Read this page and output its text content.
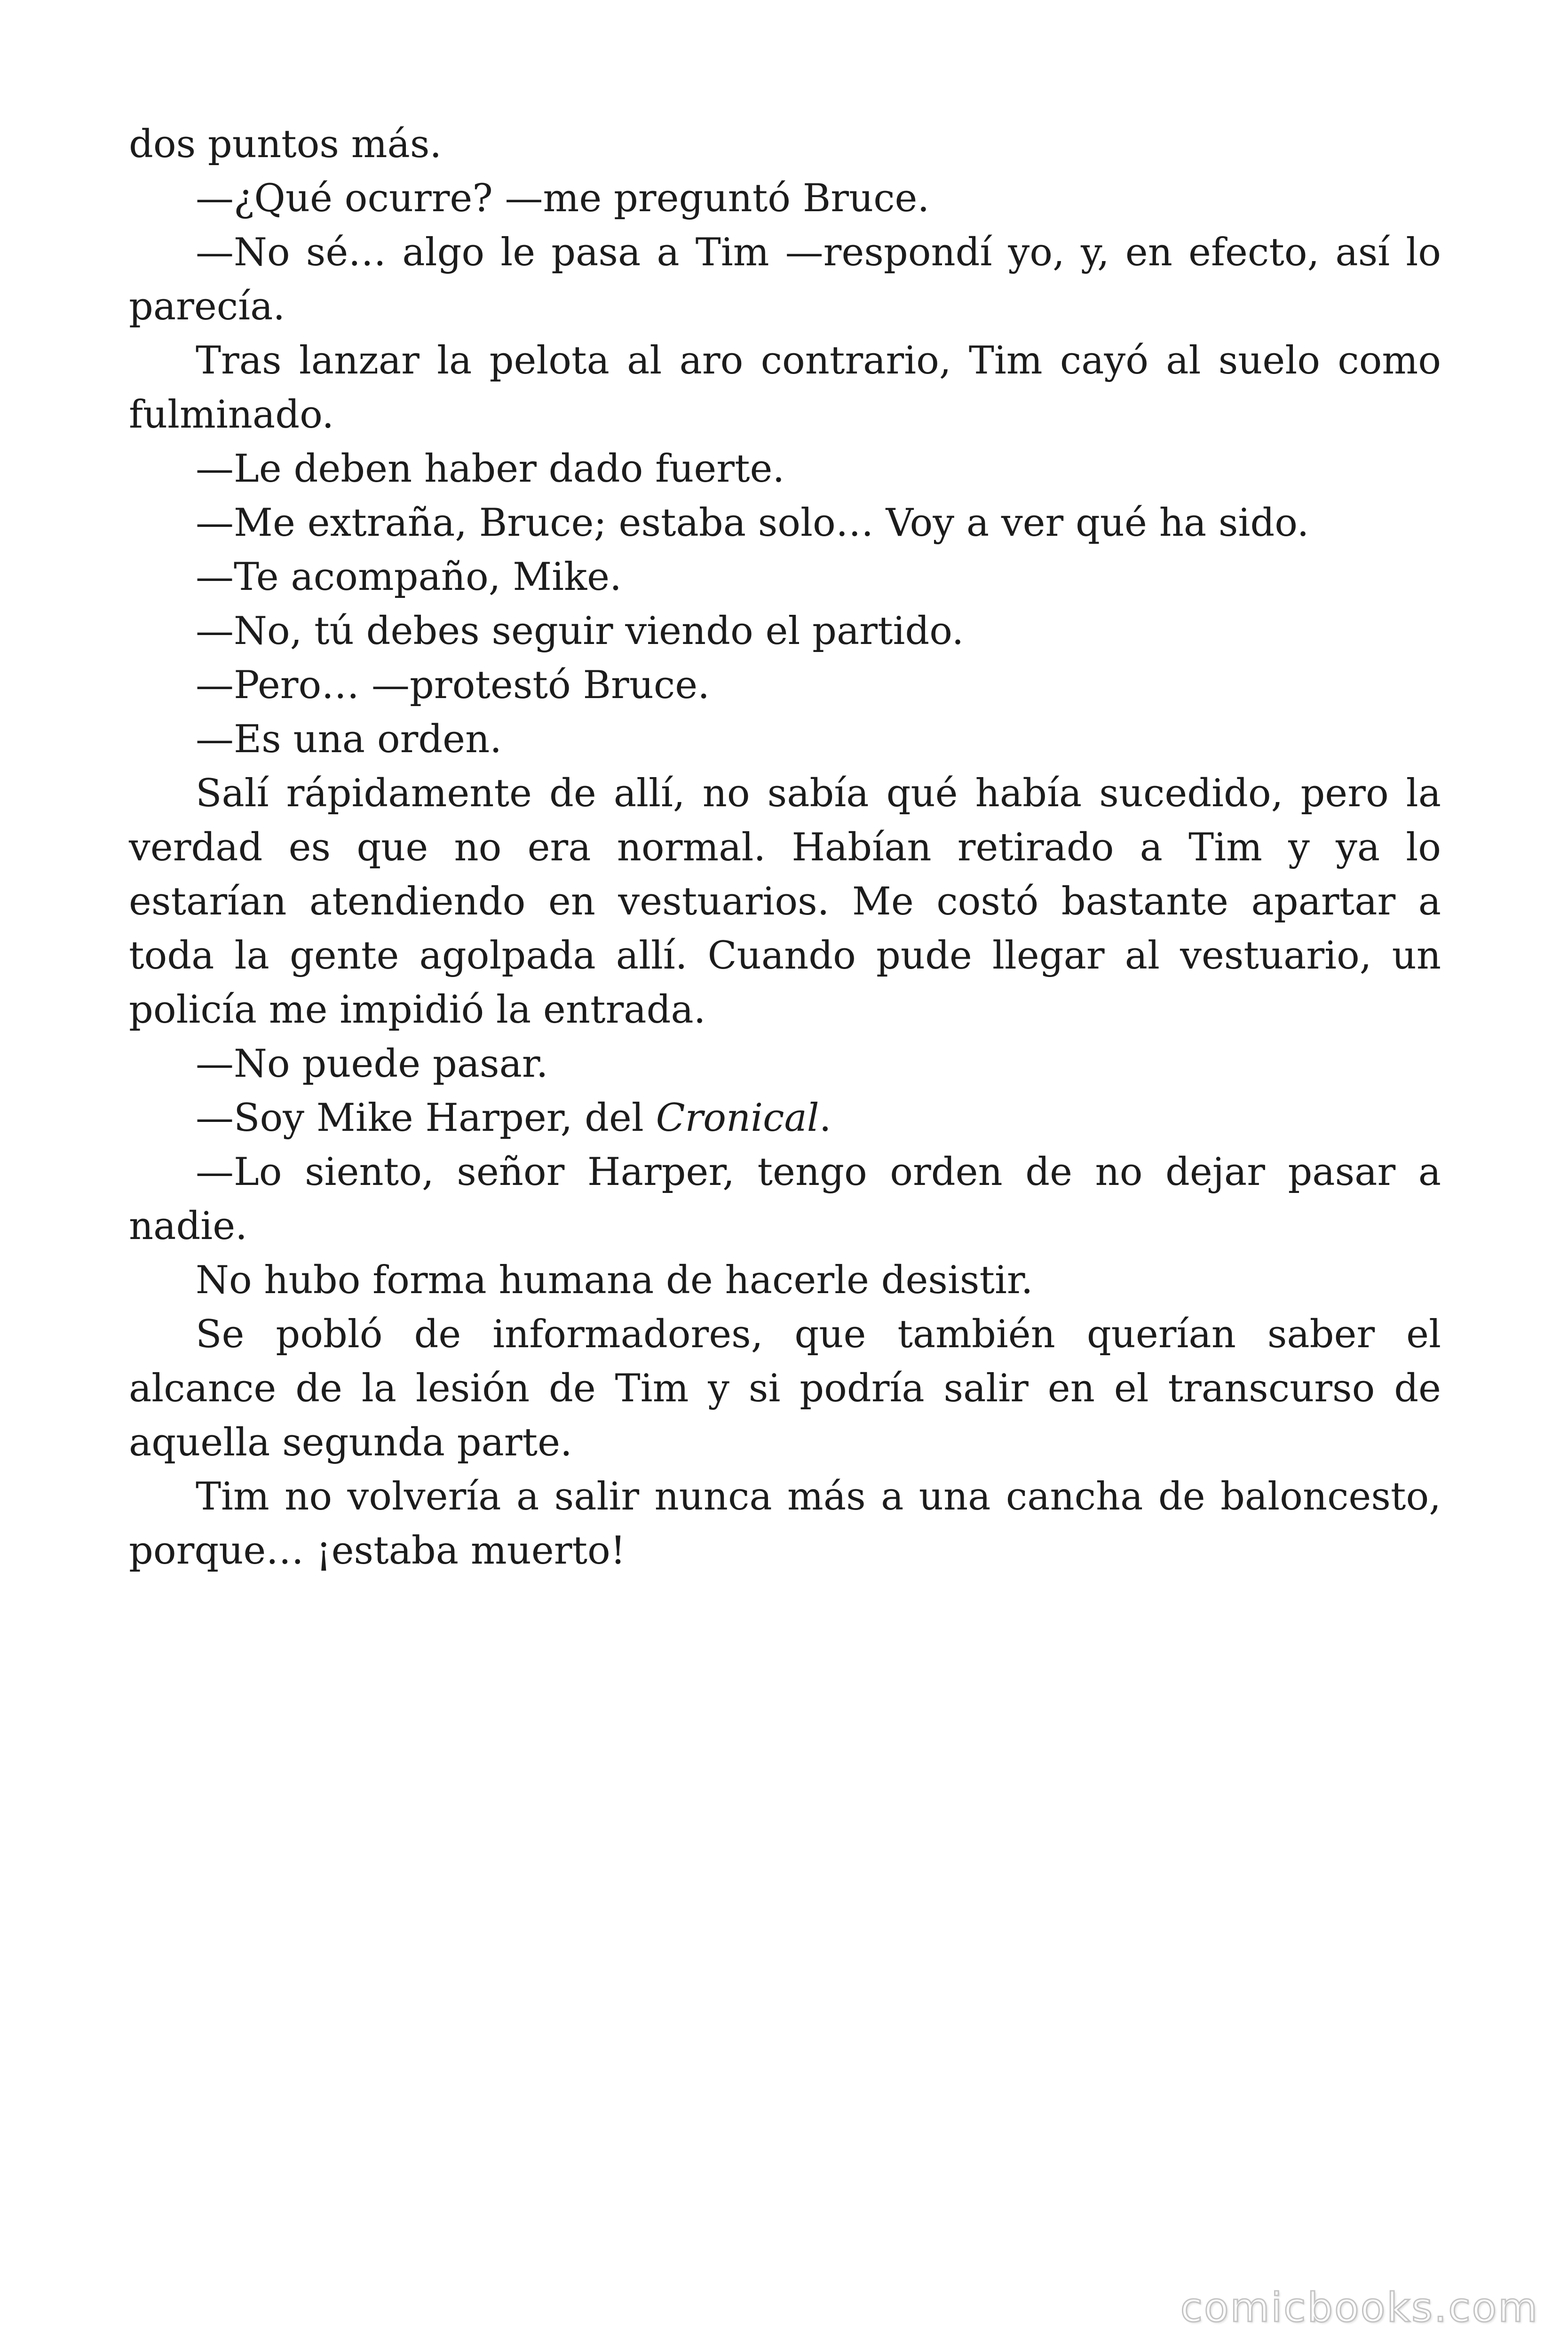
dos puntos más.

—¿Qué ocurre? —me preguntó Bruce.

—No sé… algo le pasa a Tim —respondí yo, y, en efecto, así lo parecía.

Tras lanzar la pelota al aro contrario, Tim cayó al suelo como fulminado.

—Le deben haber dado fuerte.

—Me extraña, Bruce; estaba solo… Voy a ver qué ha sido.

—Te acompaño, Mike.

—No, tú debes seguir viendo el partido.

—Pero… —protestó Bruce.

—Es una orden.

Salí rápidamente de allí, no sabía qué había sucedido, pero la verdad es que no era normal. Habían retirado a Tim y ya lo estarían atendiendo en vestuarios. Me costó bastante apartar a toda la gente agolpada allí. Cuando pude llegar al vestuario, un policía me impidió la entrada.

—No puede pasar.

—Soy Mike Harper, del Cronical.

—Lo siento, señor Harper, tengo orden de no dejar pasar a nadie.

No hubo forma humana de hacerle desistir.

Se pobló de informadores, que también querían saber el alcance de la lesión de Tim y si podría salir en el transcurso de aquella segunda parte.

Tim no volvería a salir nunca más a una cancha de baloncesto, porque… ¡estaba muerto!

comicbooks.com
